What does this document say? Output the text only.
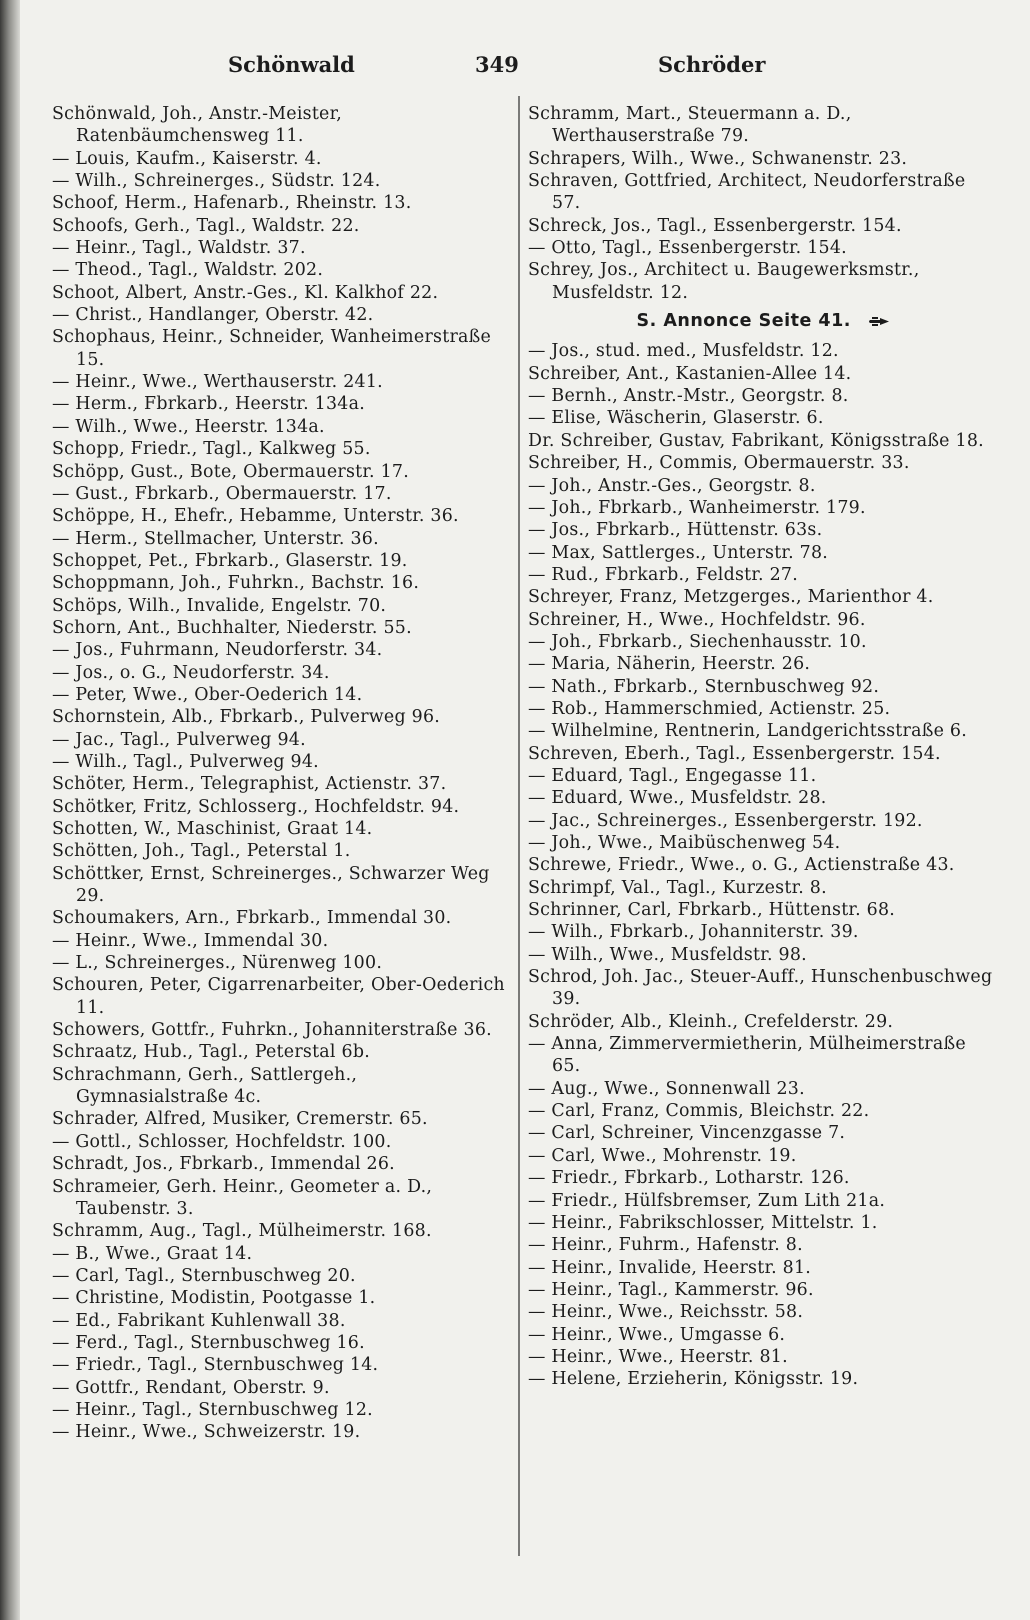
Schönwald	349	Schröder

Schönwald, Joh., Anstr.-Meister, Ratenbäumchensweg 11.

— Louis, Kaufm., Kaiserstr. 4.

— Wilh., Schreinerges., Südstr. 124.

Schoof, Herm., Hafenarb., Rheinstr. 13.

Schoofs, Gerh., Tagl., Waldstr. 22.

— Heinr., Tagl., Waldstr. 37.

— Theod., Tagl., Waldstr. 202.

Schoot, Albert, Anstr.-Ges., Kl. Kalkhof 22.

— Christ., Handlanger, Oberstr. 42.

Schophaus, Heinr., Schneider, Wanheimerstraße 15.

— Heinr., Wwe., Werthauserstr. 241.

— Herm., Fbrkarb., Heerstr. 134a.

— Wilh., Wwe., Heerstr. 134a.

Schopp, Friedr., Tagl., Kalkweg 55.

Schöpp, Gust., Bote, Obermauerstr. 17.

— Gust., Fbrkarb., Obermauerstr. 17.

Schöppe, H., Ehefr., Hebamme, Unterstr. 36.

— Herm., Stellmacher, Unterstr. 36.

Schoppet, Pet., Fbrkarb., Glaserstr. 19.

Schoppmann, Joh., Fuhrkn., Bachstr. 16.

Schöps, Wilh., Invalide, Engelstr. 70.

Schorn, Ant., Buchhalter, Niederstr. 55.

— Jos., Fuhrmann, Neudorferstr. 34.

— Jos., o. G., Neudorferstr. 34.

— Peter, Wwe., Ober-Oederich 14.

Schornstein, Alb., Fbrkarb., Pulverweg 96.

— Jac., Tagl., Pulverweg 94.

— Wilh., Tagl., Pulverweg 94.

Schöter, Herm., Telegraphist, Actienstr. 37.

Schötker, Fritz, Schlosserg., Hochfeldstr. 94.

Schotten, W., Maschinist, Graat 14.

Schötten, Joh., Tagl., Peterstal 1.

Schöttker, Ernst, Schreinerges., Schwarzer Weg 29.

Schoumakers, Arn., Fbrkarb., Immendal 30.

— Heinr., Wwe., Immendal 30.

— L., Schreinerges., Nürenweg 100.

Schouren, Peter, Cigarrenarbeiter, Ober-Oederich 11.

Schowers, Gottfr., Fuhrkn., Johanniterstraße 36.

Schraatz, Hub., Tagl., Peterstal 6b.

Schrachmann, Gerh., Sattlergeh., Gymnasialstraße 4c.

Schrader, Alfred, Musiker, Cremerstr. 65.

— Gottl., Schlosser, Hochfeldstr. 100.

Schradt, Jos., Fbrkarb., Immendal 26.

Schrameier, Gerh. Heinr., Geometer a. D., Taubenstr. 3.

Schramm, Aug., Tagl., Mülheimerstr. 168.

— B., Wwe., Graat 14.

— Carl, Tagl., Sternbuschweg 20.

— Christine, Modistin, Pootgasse 1.

— Ed., Fabrikant Kuhlenwall 38.

— Ferd., Tagl., Sternbuschweg 16.

— Friedr., Tagl., Sternbuschweg 14.

— Gottfr., Rendant, Oberstr. 9.

— Heinr., Tagl., Sternbuschweg 12.

— Heinr., Wwe., Schweizerstr. 19.

Schramm, Mart., Steuermann a. D., Werthauserstraße 79.

Schrapers, Wilh., Wwe., Schwanenstr. 23.

Schraven, Gottfried, Architect, Neudorferstraße 57.

Schreck, Jos., Tagl., Essenbergerstr. 154.

— Otto, Tagl., Essenbergerstr. 154.

Schrey, Jos., Architect u. Baugewerksmstr., Musfeldstr. 12.

S. Annonce Seite 41.

— Jos., stud. med., Musfeldstr. 12.

Schreiber, Ant., Kastanien-Allee 14.

— Bernh., Anstr.-Mstr., Georgstr. 8.

— Elise, Wäscherin, Glaserstr. 6.

Dr. Schreiber, Gustav, Fabrikant, Königsstraße 18.

Schreiber, H., Commis, Obermauerstr. 33.

— Joh., Anstr.-Ges., Georgstr. 8.

— Joh., Fbrkarb., Wanheimerstr. 179.

— Jos., Fbrkarb., Hüttenstr. 63s.

— Max, Sattlerges., Unterstr. 78.

— Rud., Fbrkarb., Feldstr. 27.

Schreyer, Franz, Metzgerges., Marienthor 4.

Schreiner, H., Wwe., Hochfeldstr. 96.

— Joh., Fbrkarb., Siechenhausstr. 10.

— Maria, Näherin, Heerstr. 26.

— Nath., Fbrkarb., Sternbuschweg 92.

— Rob., Hammerschmied, Actienstr. 25.

— Wilhelmine, Rentnerin, Landgerichtsstraße 6.

Schreven, Eberh., Tagl., Essenbergerstr. 154.

— Eduard, Tagl., Engegasse 11.

— Eduard, Wwe., Musfeldstr. 28.

— Jac., Schreinerges., Essenbergerstr. 192.

— Joh., Wwe., Maibüschenweg 54.

Schrewe, Friedr., Wwe., o. G., Actienstraße 43.

Schrimpf, Val., Tagl., Kurzestr. 8.

Schrinner, Carl, Fbrkarb., Hüttenstr. 68.

— Wilh., Fbrkarb., Johanniterstr. 39.

— Wilh., Wwe., Musfeldstr. 98.

Schrod, Joh. Jac., Steuer-Auff., Hunschenbuschweg 39.

Schröder, Alb., Kleinh., Crefelderstr. 29.

— Anna, Zimmervermietherin, Mülheimerstraße 65.

— Aug., Wwe., Sonnenwall 23.

— Carl, Franz, Commis, Bleichstr. 22.

— Carl, Schreiner, Vincenzgasse 7.

— Carl, Wwe., Mohrenstr. 19.

— Friedr., Fbrkarb., Lotharstr. 126.

— Friedr., Hülfsbremser, Zum Lith 21a.

— Heinr., Fabrikschlosser, Mittelstr. 1.

— Heinr., Fuhrm., Hafenstr. 8.

— Heinr., Invalide, Heerstr. 81.

— Heinr., Tagl., Kammerstr. 96.

— Heinr., Wwe., Reichsstr. 58.

— Heinr., Wwe., Umgasse 6.

— Heinr., Wwe., Heerstr. 81.

— Helene, Erzieherin, Königsstr. 19.
